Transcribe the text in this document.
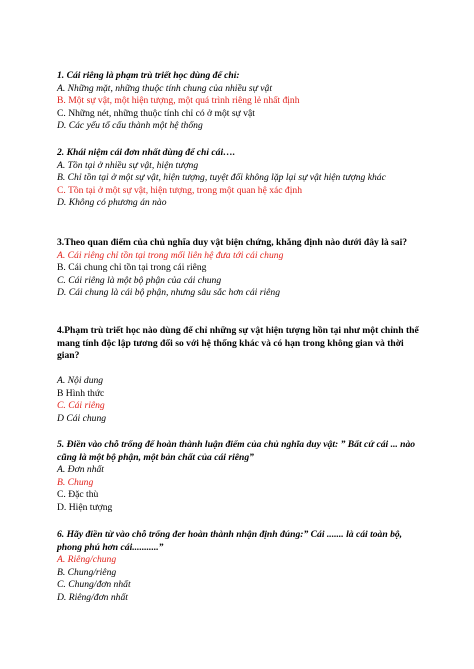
1. Cái riêng là phạm trù triết học dùng để chỉ:

A. Những mặt, những thuộc tính chung của nhiều sự vật

B. Một sự vật, một hiện tượng, một quá trình riêng lẻ nhất định

C. Những nét, những thuộc tính chỉ có ở một sự vật

D. Các yếu tố cấu thành một hệ thống

2. Khái niệm cái đơn nhất dùng để chỉ cái….

A. Tồn tại ở nhiều sự vật, hiện tượng

B. Chỉ tồn tại ở một sự vật, hiện tượng, tuyệt đối không lặp lại sự vật hiện tượng khác

C. Tồn tại ở một sự vật, hiện tượng, trong một quan hệ xác định

D. Không có phương án nào

3.Theo quan điểm của chủ nghĩa duy vật biện chứng, khẳng định nào dưới đây là sai?

A. Cái riêng chỉ tồn tại trong mối liên hệ đưa tới cái chung

B. Cái chung chỉ tồn tại trong cái riêng

C. Cái riêng là một bộ phận của cái chung

D. Cái chung là cái bộ phận, nhưng sâu sắc hơn cái riêng

4.Phạm trù triết học nào dùng để chỉ những sự vật hiện tượng hồn tại như một chỉnh thể mang tính độc lập tương đối so với hệ thống khác và có hạn trong không gian và thời gian?

A. Nội dung

B Hình thức

C. Cái riêng

D Cái chung

5. Điền vào chỗ trống để hoàn thành luận điểm của chủ nghĩa duy vật: ” Bất cứ cái ... nào cũng là một bộ phận, một bản chất của cái riêng”

A. Đơn nhất

B. Chung

C. Đặc thù

D. Hiện tượng

6. Hãy điền từ vào chỗ trống đer hoàn thành nhận định đúng:” Cái ....... là cái toàn bộ, phong phú hơn cái...........”

A. Riêng/chung

B. Chung/riêng

C. Chung/đơn nhất

D. Riêng/đơn nhất
